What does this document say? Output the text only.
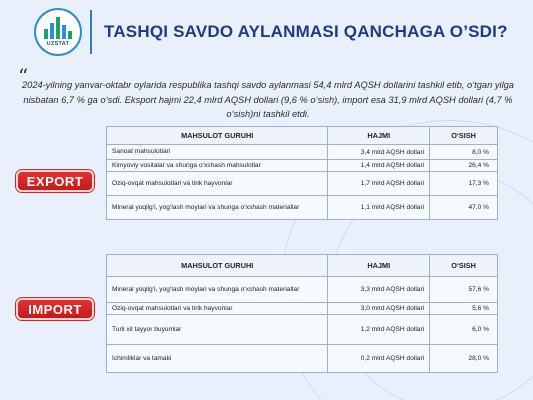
UZSTAT
TASHQI SAVDO AYLANMASI QANCHAGA O’SDI?
“
2024-yilning yanvar-oktabr oylarida respublika tashqi savdo aylanmasi 54,4 mlrd AQSH dollarini tashkil etib, o‘tgan yilga nisbatan 6,7 % ga o‘sdi. Eksport hajmi 22,4 mlrd AQSH dollari (9,6 % o‘sish), import esa 31,9 mlrd AQSH dollari (4,7 % o‘sish)ni tashkil etdi.
EXPORT
MAHSULOT GURUHI	HAJMI	O‘SISH
Sanoat mahsulotlari	3,4 mlrd AQSH dollari	8,0 %
Kimyoviy vositalar va shunga o‘xshash mahsulotlar	1,4 mlrd AQSH dollari	26,4 %
Oziq-ovqat mahsulotlari va tirik hayvonlar	1,7 mlrd AQSH dollari	17,3 %
Mineral yoqilg‘i, yog‘lash moylari va shunga o‘xshash materiallar	1,1 mlrd AQSH dollari	47,0 %
IMPORT
MAHSULOT GURUHI	HAJMI	O‘SISH
Mineral yoqilg‘i, yog‘lash moylari va shunga o‘xshash materiallar	3,3 mlrd AQSH dollari	57,6 %
Oziq-ovqat mahsulotlari va tirik hayvonlar	3,0 mlrd AQSH dollari	5,6 %
Turli xil tayyor buyumlar	1,2 mlrd AQSH dollari	6,0 %
Ichimliklar va tamaki	0,2 mlrd AQSH dollari	28,0 %
